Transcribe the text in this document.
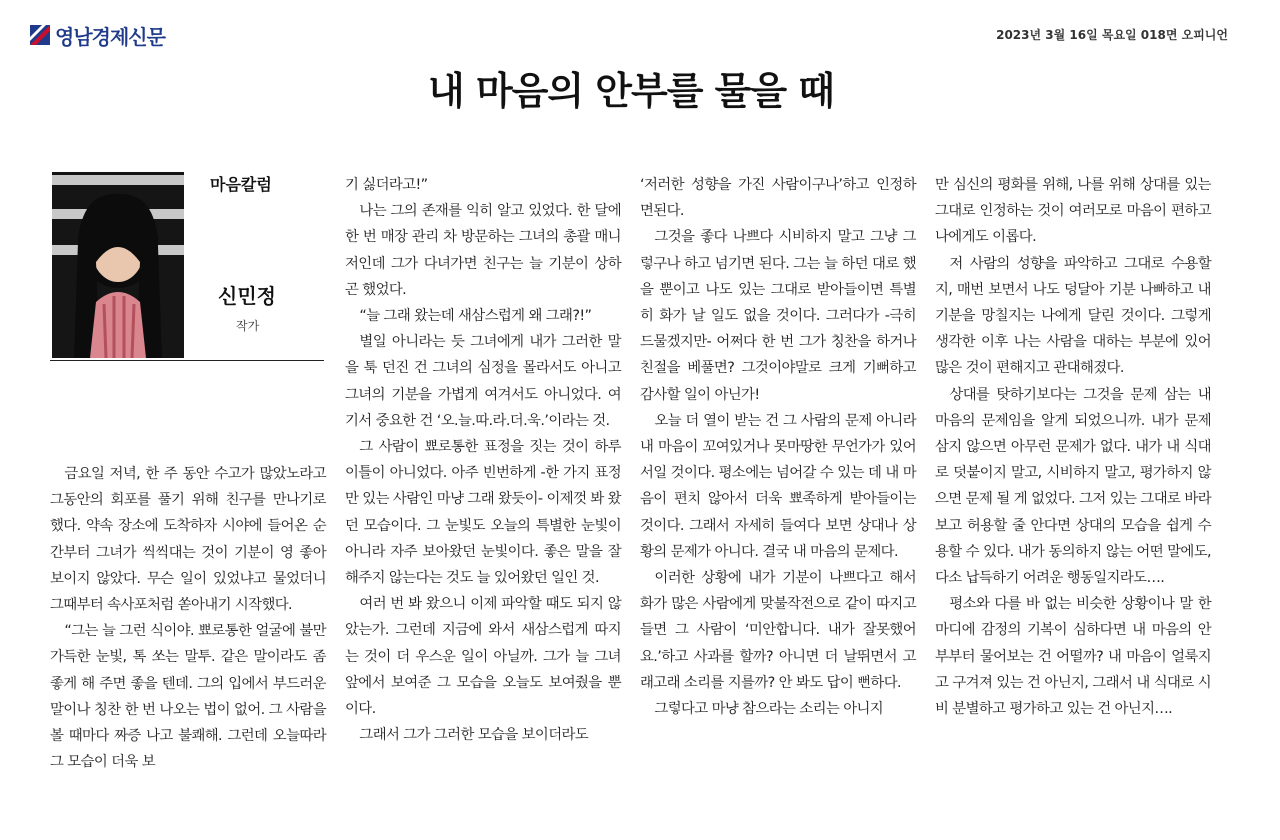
영남경제신문	2023년 3월 16일 목요일 018면 오피니언
내 마음의 안부를 물을 때
마음칼럼
신민정
작가

금요일 저녁, 한 주 동안 수고가 많았노라고 그동안의 회포를 풀기 위해 친구를 만나기로 했다. 약속 장소에 도착하자 시야에 들어온 순간부터 그녀가 씩씩대는 것이 기분이 영 좋아 보이지 않았다. 무슨 일이 있었냐고 물었더니 그때부터 속사포처럼 쏟아내기 시작했다.

“그는 늘 그런 식이야. 뾰로통한 얼굴에 불만 가득한 눈빛, 톡 쏘는 말투. 같은 말이라도 좀 좋게 해 주면 좋을 텐데. 그의 입에서 부드러운 말이나 칭찬 한 번 나오는 법이 없어. 그 사람을 볼 때마다 짜증 나고 불쾌해. 그런데 오늘따라 그 모습이 더욱 보

기 싫더라고!”

나는 그의 존재를 익히 알고 있었다. 한 달에 한 번 매장 관리 차 방문하는 그녀의 총괄 매니저인데 그가 다녀가면 친구는 늘 기분이 상하곤 했었다.

“늘 그래 왔는데 새삼스럽게 왜 그래?!”

별일 아니라는 듯 그녀에게 내가 그러한 말을 툭 던진 건 그녀의 심정을 몰라서도 아니고 그녀의 기분을 가볍게 여겨서도 아니었다. 여기서 중요한 건 ‘오.늘.따.라.더.욱.’이라는 것.

그 사람이 뾰로통한 표정을 짓는 것이 하루이틀이 아니었다. 아주 빈번하게 -한 가지 표정만 있는 사람인 마냥 그래 왔듯이- 이제껏 봐 왔던 모습이다. 그 눈빛도 오늘의 특별한 눈빛이 아니라 자주 보아왔던 눈빛이다. 좋은 말을 잘 해주지 않는다는 것도 늘 있어왔던 일인 것.

여러 번 봐 왔으니 이제 파악할 때도 되지 않았는가. 그런데 지금에 와서 새삼스럽게 따지는 것이 더 우스운 일이 아닐까. 그가 늘 그녀 앞에서 보여준 그 모습을 오늘도 보여줬을 뿐이다.

그래서 그가 그러한 모습을 보이더라도

‘저러한 성향을 가진 사람이구나’하고 인정하면된다.

그것을 좋다 나쁘다 시비하지 말고 그냥 그렇구나 하고 넘기면 된다. 그는 늘 하던 대로 했을 뿐이고 나도 있는 그대로 받아들이면 특별히 화가 날 일도 없을 것이다. 그러다가 -극히 드물겠지만- 어쩌다 한 번 그가 칭찬을 하거나 친절을 베풀면? 그것이야말로 크게 기뻐하고 감사할 일이 아닌가!

오늘 더 열이 받는 건 그 사람의 문제 아니라 내 마음이 꼬여있거나 못마땅한 무언가가 있어서일 것이다. 평소에는 넘어갈 수 있는 데 내 마음이 편치 않아서 더욱 뾰족하게 받아들이는 것이다. 그래서 자세히 들여다 보면 상대나 상황의 문제가 아니다. 결국 내 마음의 문제다.

이러한 상황에 내가 기분이 나쁘다고 해서 화가 많은 사람에게 맞불작전으로 같이 따지고 들면 그 사람이 ‘미안합니다. 내가 잘못했어요.’하고 사과를 할까? 아니면 더 날뛰면서 고래고래 소리를 지를까? 안 봐도 답이 뻔하다.

그렇다고 마냥 참으라는 소리는 아니지

만 심신의 평화를 위해, 나를 위해 상대를 있는 그대로 인정하는 것이 여러모로 마음이 편하고 나에게도 이롭다.

저 사람의 성향을 파악하고 그대로 수용할지, 매번 보면서 나도 덩달아 기분 나빠하고 내 기분을 망칠지는 나에게 달린 것이다. 그렇게 생각한 이후 나는 사람을 대하는 부분에 있어 많은 것이 편해지고 관대해졌다.

상대를 탓하기보다는 그것을 문제 삼는 내 마음의 문제임을 알게 되었으니까. 내가 문제 삼지 않으면 아무런 문제가 없다. 내가 내 식대로 덧붙이지 말고, 시비하지 말고, 평가하지 않으면 문제 될 게 없었다. 그저 있는 그대로 바라보고 허용할 줄 안다면 상대의 모습을 쉽게 수용할 수 있다. 내가 동의하지 않는 어떤 말에도, 다소 납득하기 어려운 행동일지라도….

평소와 다를 바 없는 비슷한 상황이나 말 한마디에 감정의 기복이 심하다면 내 마음의 안부부터 물어보는 건 어떨까? 내 마음이 얼룩지고 구겨져 있는 건 아닌지, 그래서 내 식대로 시비 분별하고 평가하고 있는 건 아닌지….
